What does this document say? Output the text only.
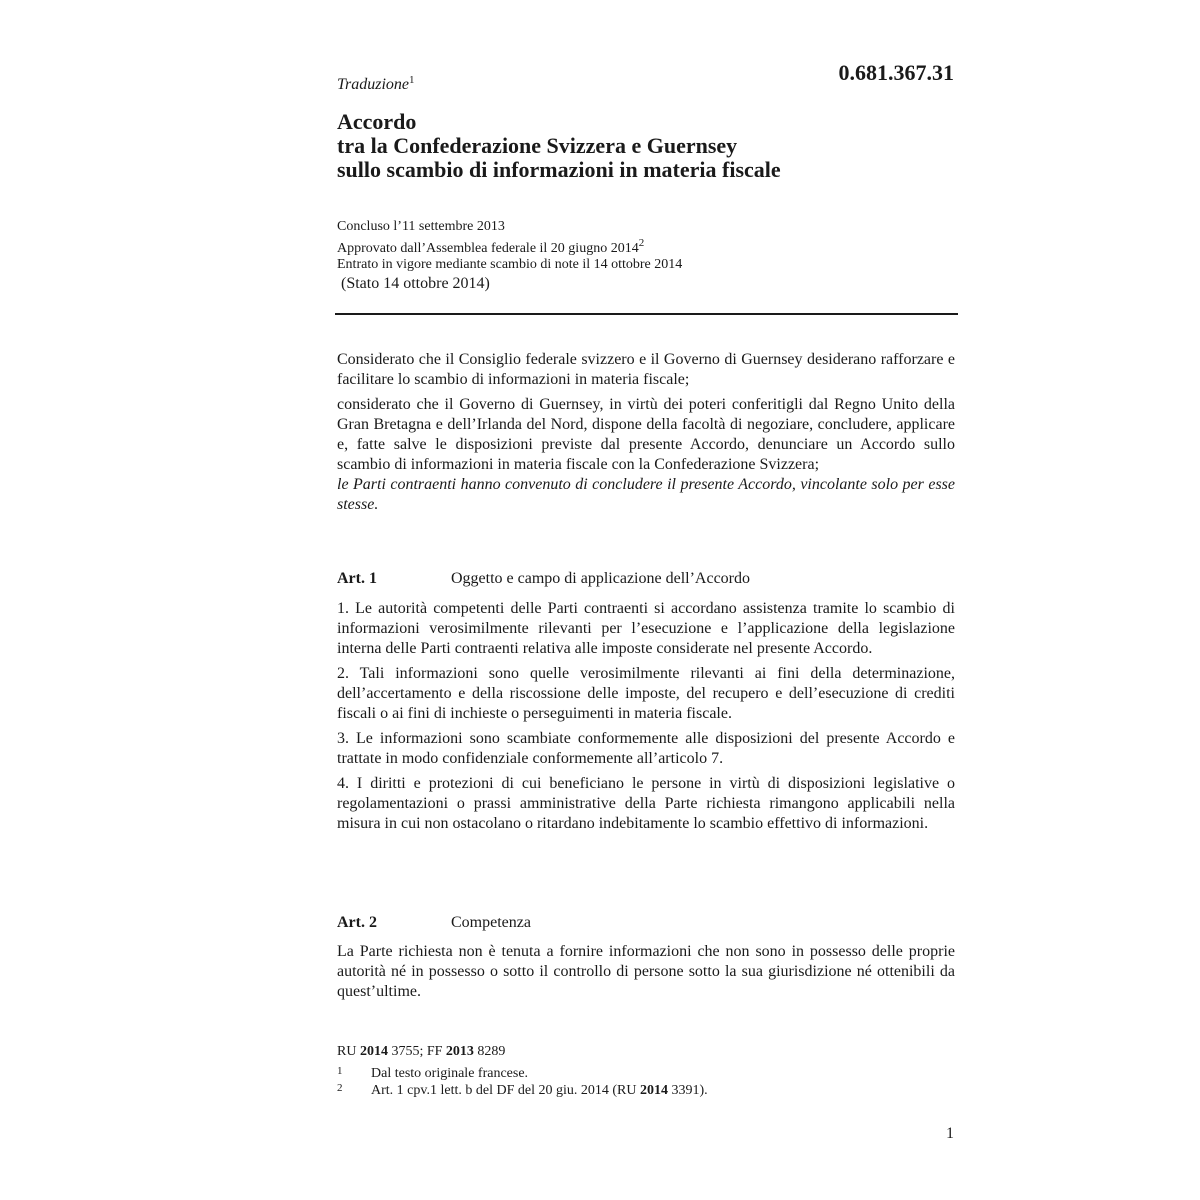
0.681.367.31
Traduzione$^1$
Accordo
tra la Confederazione Svizzera e Guernsey
sullo scambio di informazioni in materia fiscale
Concluso l’11 settembre 2013
Approvato dall’Assemblea federale il 20 giugno 2014$^2$
Entrato in vigore mediante scambio di note il 14 ottobre 2014
(Stato 14 ottobre 2014)

Considerato che il Consiglio federale svizzero e il Governo di Guernsey desiderano rafforzare e facilitare lo scambio di informazioni in materia fiscale;

considerato che il Governo di Guernsey, in virtù dei poteri conferitigli dal Regno Unito della Gran Bretagna e dell’Irlanda del Nord, dispone della facoltà di negoziare, concludere, applicare e, fatte salve le disposizioni previste dal presente Accordo, denunciare un Accordo sullo scambio di informazioni in materia fiscale con la Confederazione Svizzera;

le Parti contraenti hanno convenuto di concludere il presente Accordo, vincolante solo per esse stesse.

Art. 1	Oggetto e campo di applicazione dell’Accordo

1. Le autorità competenti delle Parti contraenti si accordano assistenza tramite lo scambio di informazioni verosimilmente rilevanti per l’esecuzione e l’applicazione della legislazione interna delle Parti contraenti relativa alle imposte considerate nel presente Accordo.

2. Tali informazioni sono quelle verosimilmente rilevanti ai fini della determinazione, dell’accertamento e della riscossione delle imposte, del recupero e dell’esecuzione di crediti fiscali o ai fini di inchieste o perseguimenti in materia fiscale.

3. Le informazioni sono scambiate conformemente alle disposizioni del presente Accordo e trattate in modo confidenziale conformemente all’articolo 7.

4. I diritti e protezioni di cui beneficiano le persone in virtù di disposizioni legislative o regolamentazioni o prassi amministrative della Parte richiesta rimangono applicabili nella misura in cui non ostacolano o ritardano indebitamente lo scambio effettivo di informazioni.

Art. 2	Competenza

La Parte richiesta non è tenuta a fornire informazioni che non sono in possesso delle proprie autorità né in possesso o sotto il controllo di persone sotto la sua giurisdizione né ottenibili da quest’ultime.

RU 2014 3755; FF 2013 8289
1 Dal testo originale francese.
2 Art. 1 cpv.1 lett. b del DF del 20 giu. 2014 (RU 2014 3391).
1
